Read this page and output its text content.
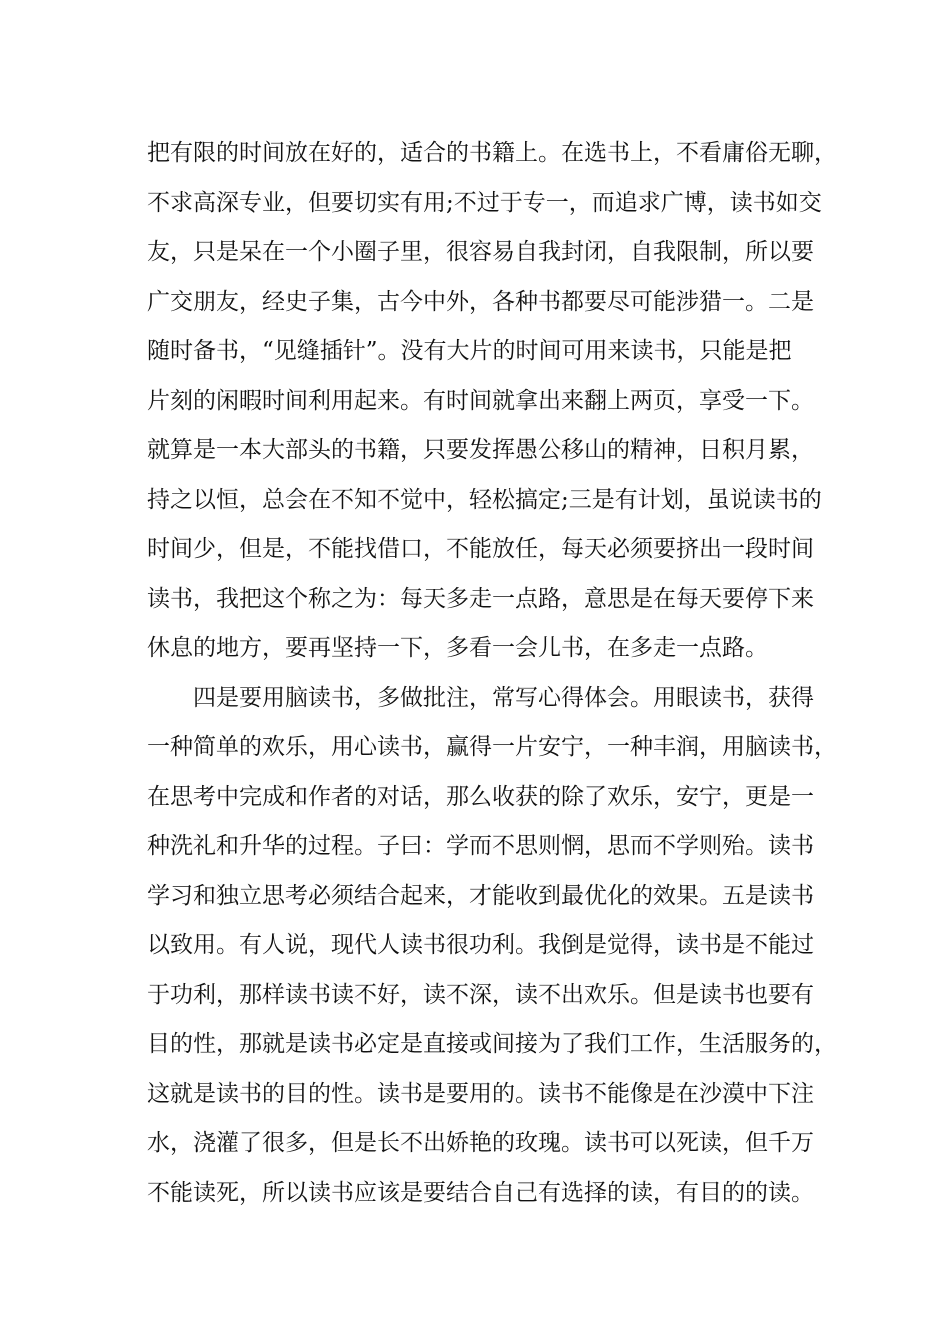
把有限的时间放在好的，适合的书籍上。在选书上，不看庸俗无聊，
不求高深专业，但要切实有用;不过于专一，而追求广博，读书如交
友，只是呆在一个小圈子里，很容易自我封闭，自我限制，所以要
广交朋友，经史子集，古今中外，各种书都要尽可能涉猎一。二是
随时备书，“见缝插针”。没有大片的时间可用来读书，只能是把
片刻的闲暇时间利用起来。有时间就拿出来翻上两页，享受一下。
就算是一本大部头的书籍，只要发挥愚公移山的精神，日积月累，
持之以恒，总会在不知不觉中，轻松搞定;三是有计划，虽说读书的
时间少，但是，不能找借口，不能放任，每天必须要挤出一段时间
读书，我把这个称之为：每天多走一点路，意思是在每天要停下来
休息的地方，要再坚持一下，多看一会儿书，在多走一点路。
四是要用脑读书，多做批注，常写心得体会。用眼读书，获得
一种简单的欢乐，用心读书，赢得一片安宁，一种丰润，用脑读书，
在思考中完成和作者的对话，那么收获的除了欢乐，安宁，更是一
种洗礼和升华的过程。子曰：学而不思则惘，思而不学则殆。读书
学习和独立思考必须结合起来，才能收到最优化的效果。五是读书
以致用。有人说，现代人读书很功利。我倒是觉得，读书是不能过
于功利，那样读书读不好，读不深，读不出欢乐。但是读书也要有
目的性，那就是读书必定是直接或间接为了我们工作，生活服务的，
这就是读书的目的性。读书是要用的。读书不能像是在沙漠中下注
水，浇灌了很多，但是长不出娇艳的玫瑰。读书可以死读，但千万
不能读死，所以读书应该是要结合自己有选择的读，有目的的读。
